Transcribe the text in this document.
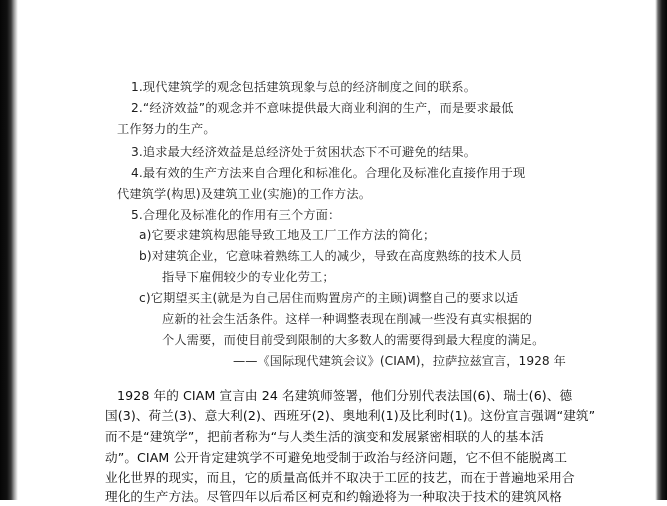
1.现代建筑学的观念包括建筑现象与总的经济制度之间的联系。
2.“经济效益”的观念并不意味提供最大商业利润的生产，而是要求最低
工作努力的生产。
3.追求最大经济效益是总经济处于贫困状态下不可避免的结果。
4.最有效的生产方法来自合理化和标准化。合理化及标准化直接作用于现
代建筑学(构思)及建筑工业(实施)的工作方法。
5.合理化及标准化的作用有三个方面：
a)它要求建筑构思能导致工地及工厂工作方法的简化；
b)对建筑企业，它意味着熟练工人的减少，导致在高度熟练的技术人员
指导下雇佣较少的专业化劳工；
c)它期望买主(就是为自己居住而购置房产的主顾)调整自己的要求以适
应新的社会生活条件。这样一种调整表现在削减一些没有真实根据的
个人需要，而使目前受到限制的大多数人的需要得到最大程度的满足。
——《国际现代建筑会议》(CIAM)，拉萨拉兹宣言，1928 年
1928 年的 CIAM 宣言由 24 名建筑师签署，他们分别代表法国(6)、瑞士(6)、德
国(3)、荷兰(3)、意大利(2)、西班牙(2)、奥地利(1)及比利时(1)。这份宣言强调“建筑”
而不是“建筑学”，把前者称为“与人类生活的演变和发展紧密相联的人的基本活
动”。CIAM 公开肯定建筑学不可避免地受制于政治与经济问题，它不但不能脱离工
业化世界的现实，而且，它的质量高低并不取决于工匠的技艺，而在于普遍地采用合
理化的生产方法。尽管四年以后希区柯克和约翰逊将为一种取决于技术的建筑风格
